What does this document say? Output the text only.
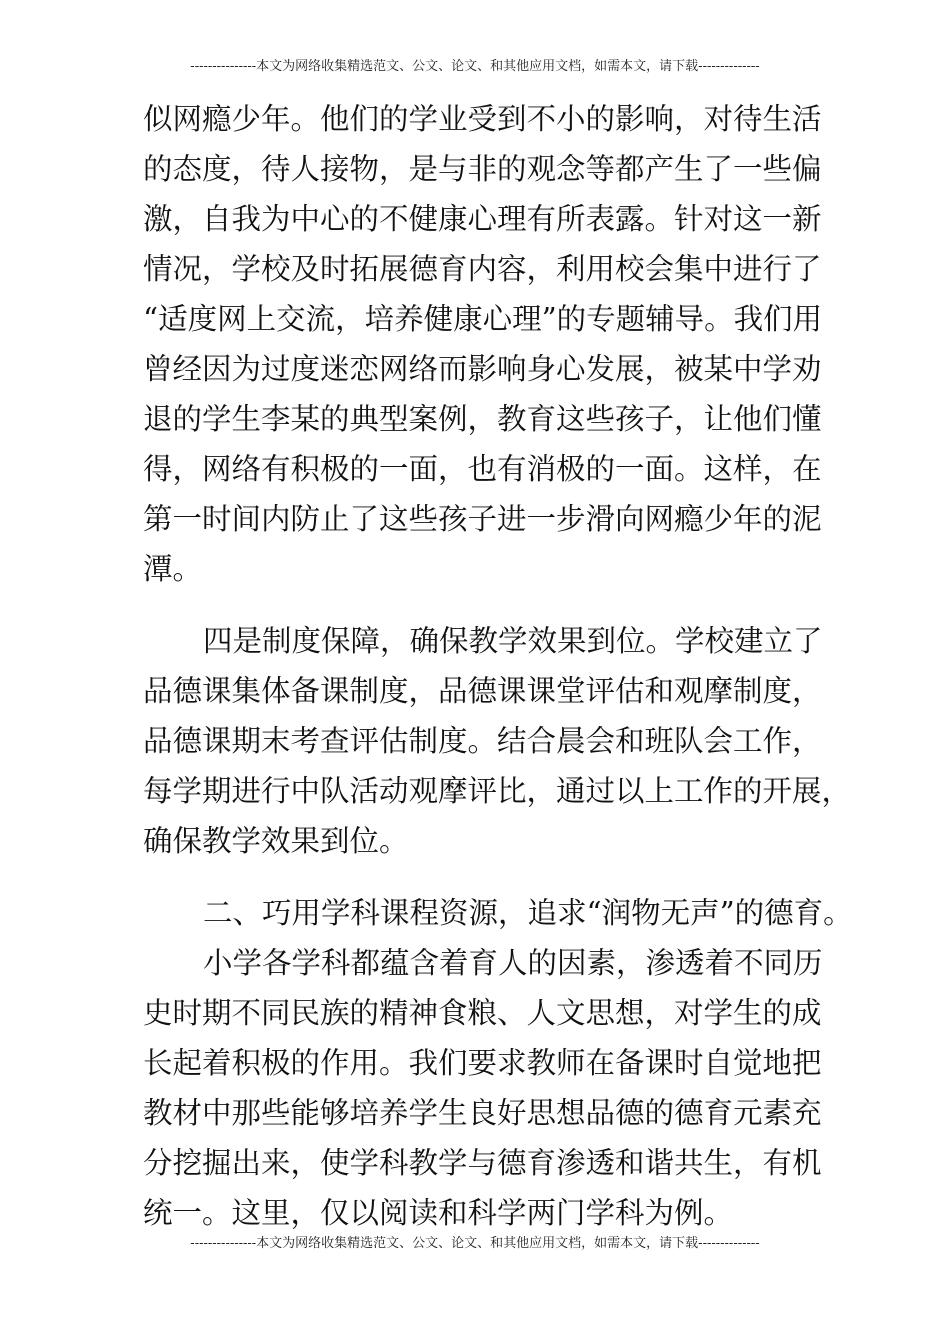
---------------本文为网络收集精选范文、公文、论文、和其他应用文档，如需本文，请下载--------------
似网瘾少年。他们的学业受到不小的影响，对待生活
的态度，待人接物，是与非的观念等都产生了一些偏
激，自我为中心的不健康心理有所表露。针对这一新
情况，学校及时拓展德育内容，利用校会集中进行了
“适度网上交流，培养健康心理”的专题辅导。我们用
曾经因为过度迷恋网络而影响身心发展，被某中学劝
退的学生李某的典型案例，教育这些孩子，让他们懂
得，网络有积极的一面，也有消极的一面。这样，在
第一时间内防止了这些孩子进一步滑向网瘾少年的泥
潭。
四是制度保障，确保教学效果到位。学校建立了
品德课集体备课制度，品德课课堂评估和观摩制度，
品德课期末考查评估制度。结合晨会和班队会工作，
每学期进行中队活动观摩评比，通过以上工作的开展，
确保教学效果到位。
二、巧用学科课程资源，追求“润物无声”的德育。
小学各学科都蕴含着育人的因素，渗透着不同历
史时期不同民族的精神食粮、人文思想，对学生的成
长起着积极的作用。我们要求教师在备课时自觉地把
教材中那些能够培养学生良好思想品德的德育元素充
分挖掘出来，使学科教学与德育渗透和谐共生，有机
统一。这里，仅以阅读和科学两门学科为例。
---------------本文为网络收集精选范文、公文、论文、和其他应用文档，如需本文，请下载--------------
